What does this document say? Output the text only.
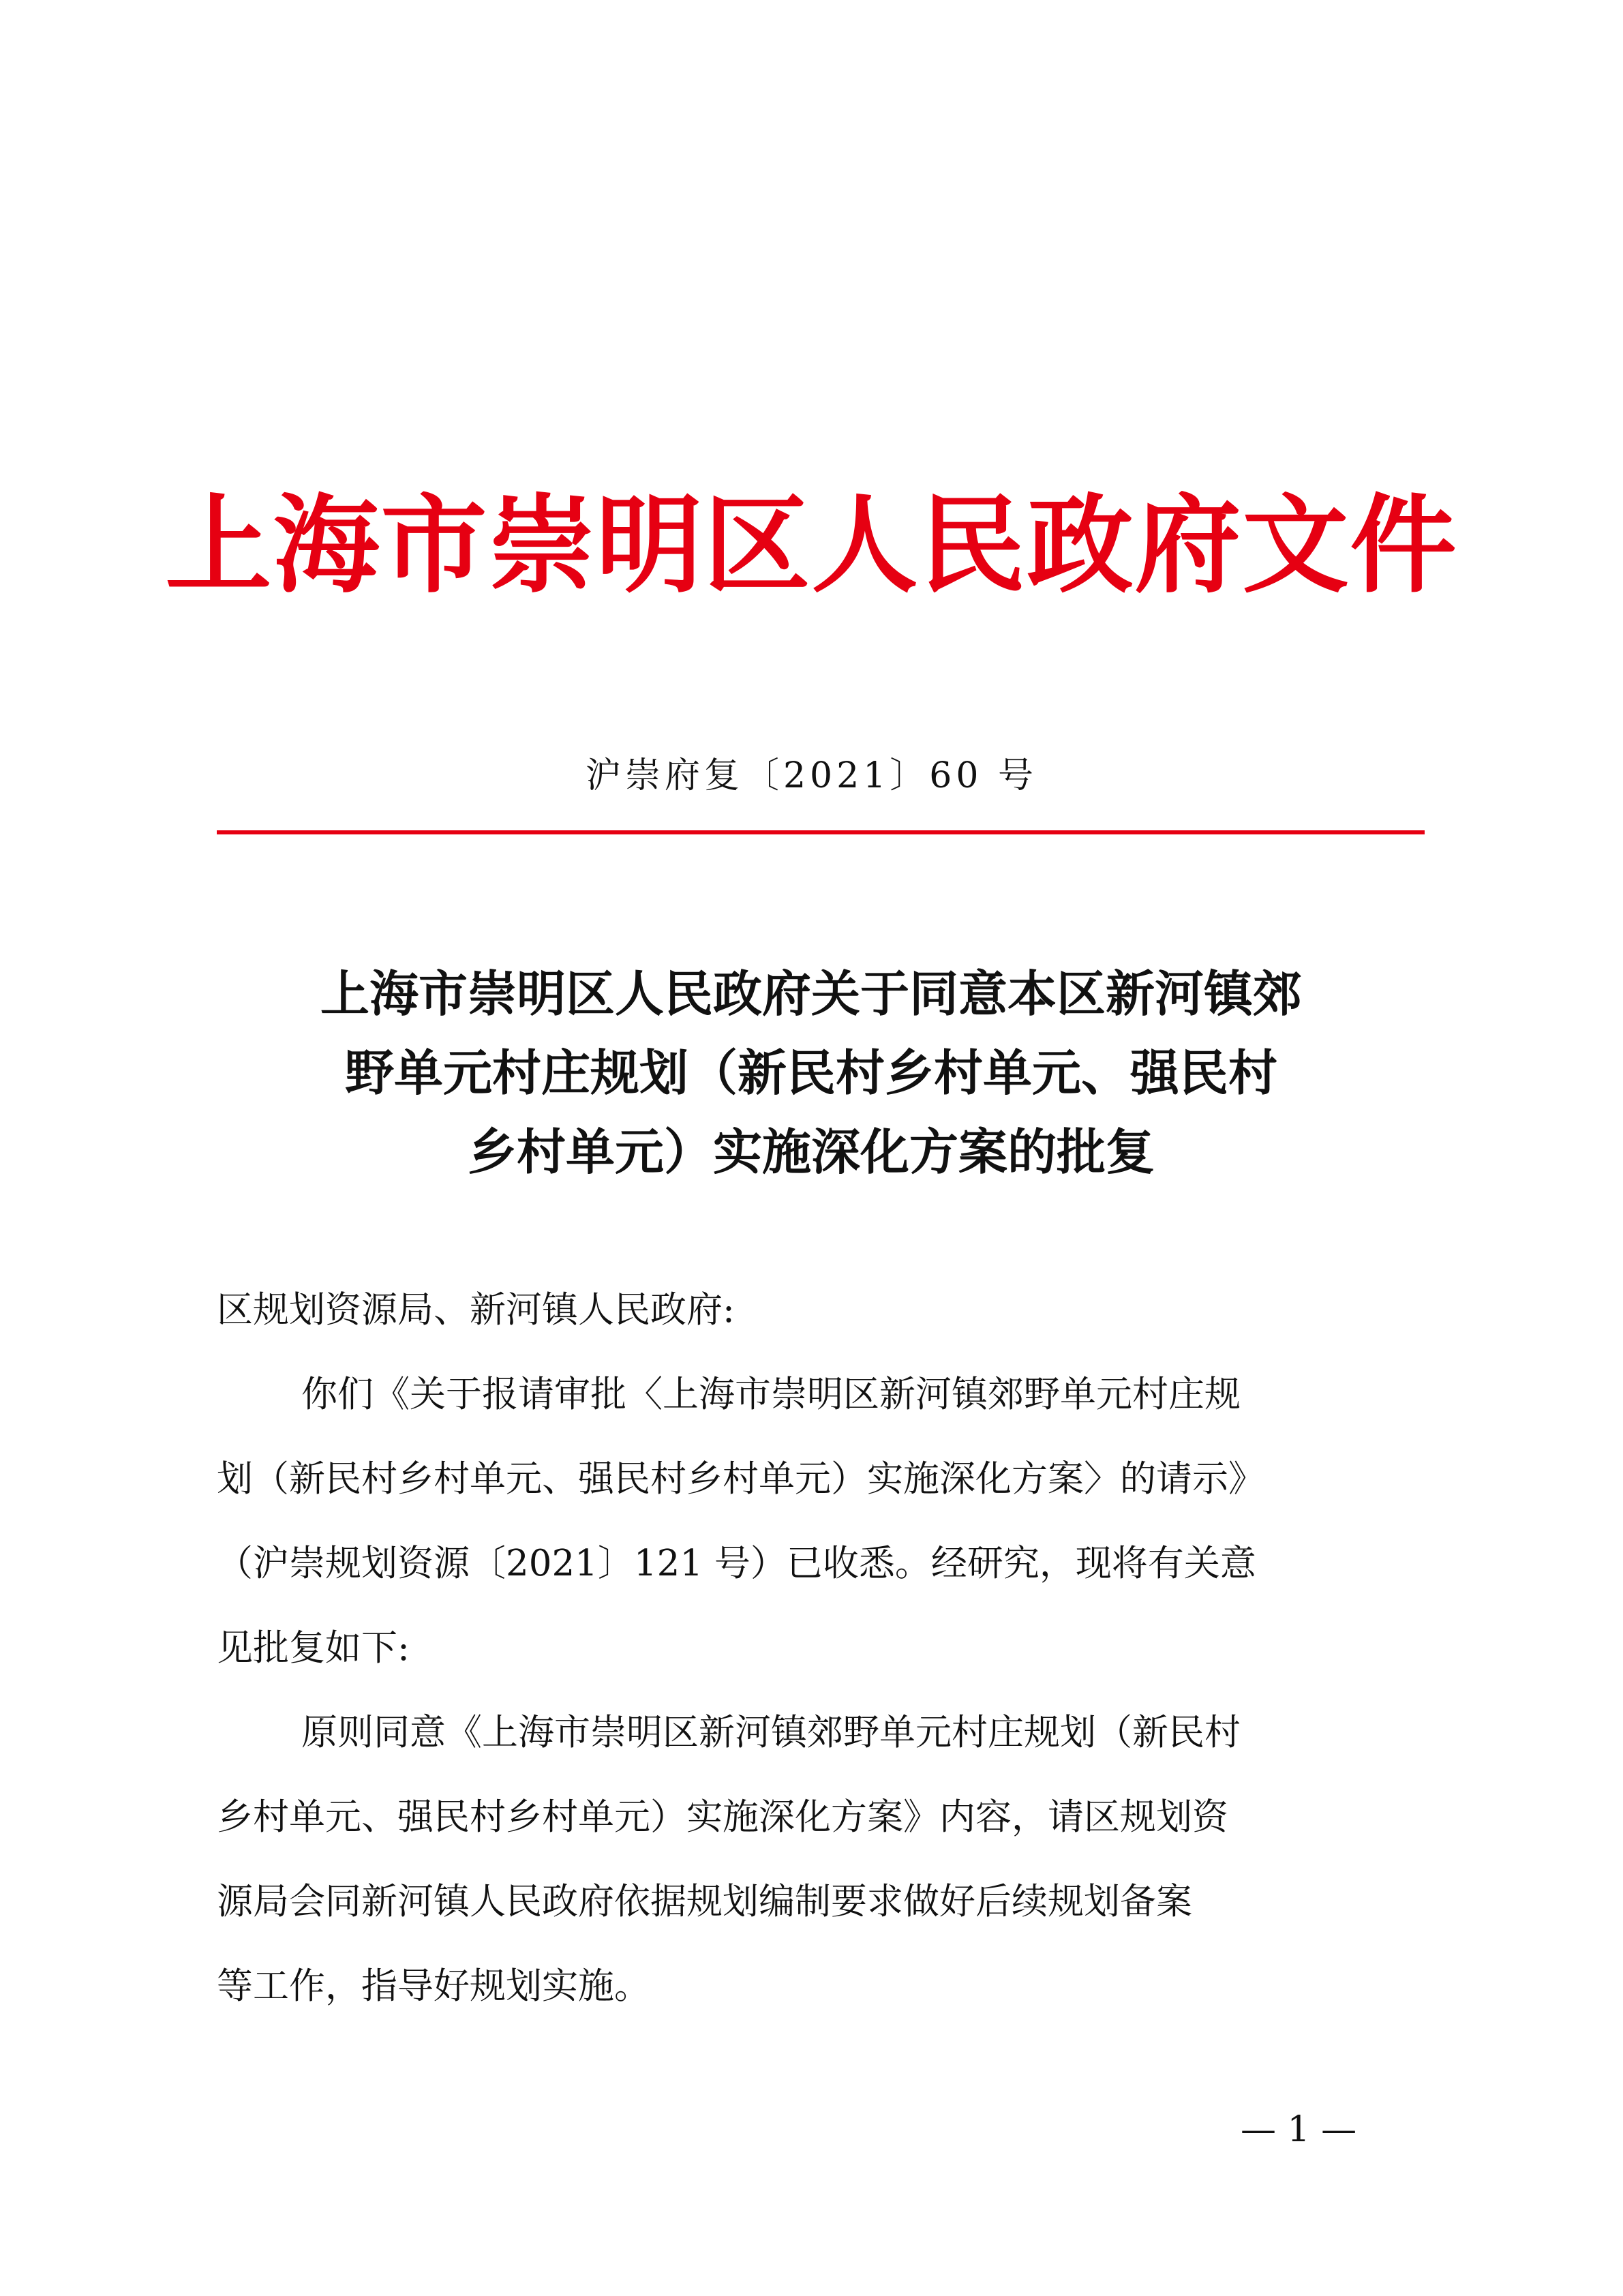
上海市崇明区人民政府文件
沪崇府复〔2021〕60 号
上海市崇明区人民政府关于同意本区新河镇郊
野单元村庄规划（新民村乡村单元、强民村
乡村单元）实施深化方案的批复
区规划资源局、新河镇人民政府:
你们《关于报请审批〈上海市崇明区新河镇郊野单元村庄规
划（新民村乡村单元、强民村乡村单元）实施深化方案〉的请示》
（沪崇规划资源〔2021〕121 号）已收悉。经研究，现将有关意
见批复如下:
原则同意《上海市崇明区新河镇郊野单元村庄规划（新民村
乡村单元、强民村乡村单元）实施深化方案》内容，请区规划资
源局会同新河镇人民政府依据规划编制要求做好后续规划备案
等工作，指导好规划实施。
— 1 —
